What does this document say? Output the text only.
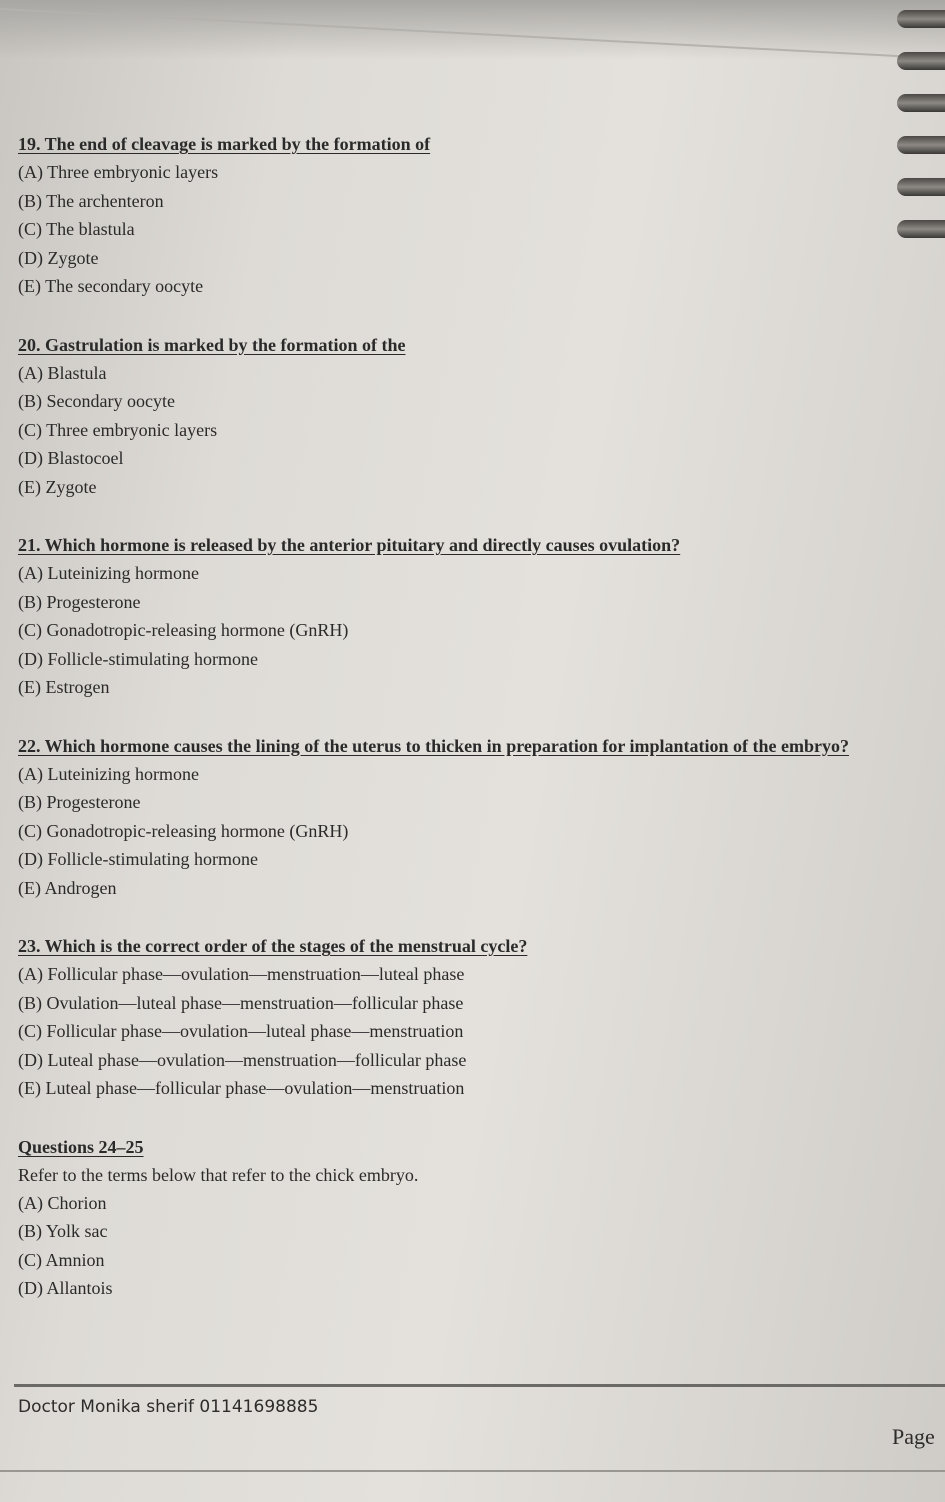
19. The end of cleavage is marked by the formation of

(A) Three embryonic layers

(B) The archenteron

(C) The blastula

(D) Zygote

(E) The secondary oocyte

20. Gastrulation is marked by the formation of the

(A) Blastula

(B) Secondary oocyte

(C) Three embryonic layers

(D) Blastocoel

(E) Zygote

21. Which hormone is released by the anterior pituitary and directly causes ovulation?

(A) Luteinizing hormone

(B) Progesterone

(C) Gonadotropic-releasing hormone (GnRH)

(D) Follicle-stimulating hormone

(E) Estrogen

22. Which hormone causes the lining of the uterus to thicken in preparation for implantation of the embryo?

(A) Luteinizing hormone

(B) Progesterone

(C) Gonadotropic-releasing hormone (GnRH)

(D) Follicle-stimulating hormone

(E) Androgen

23. Which is the correct order of the stages of the menstrual cycle?

(A) Follicular phase—ovulation—menstruation—luteal phase

(B) Ovulation—luteal phase—menstruation—follicular phase

(C) Follicular phase—ovulation—luteal phase—menstruation

(D) Luteal phase—ovulation—menstruation—follicular phase

(E) Luteal phase—follicular phase—ovulation—menstruation

Questions 24–25

Refer to the terms below that refer to the chick embryo.

(A) Chorion

(B) Yolk sac

(C) Amnion

(D) Allantois

Doctor Monika sherif 01141698885
Page
